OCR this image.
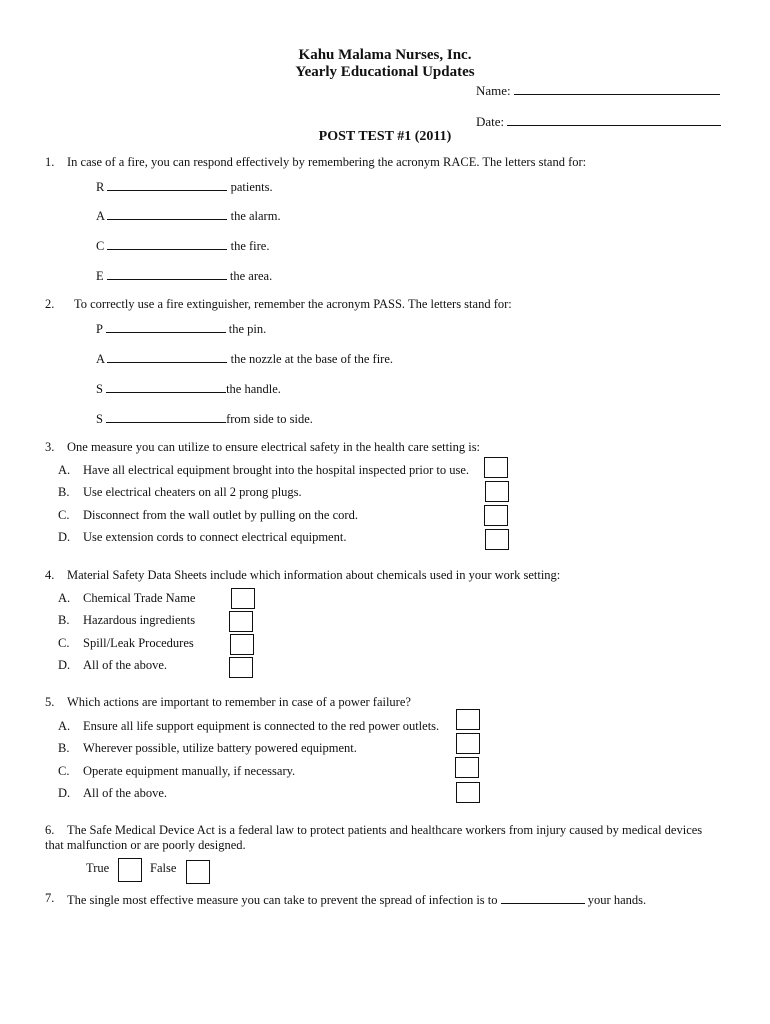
Kahu Malama Nurses, Inc.
Yearly Educational Updates
Name:
Date:
POST TEST #1 (2011)
1. In case of a fire, you can respond effectively by remembering the acronym RACE. The letters stand for:
R	patients.
A	the alarm.
C	the fire.
E	the area.
2. To correctly use a fire extinguisher, remember the acronym PASS. The letters stand for:
P	the pin.
A	the nozzle at the base of the fire.
S	the handle.
S	from side to side.
3. One measure you can utilize to ensure electrical safety in the health care setting is:
A. Have all electrical equipment brought into the hospital inspected prior to use.
B. Use electrical cheaters on all 2 prong plugs.
C. Disconnect from the wall outlet by pulling on the cord.
D. Use extension cords to connect electrical equipment.
4. Material Safety Data Sheets include which information about chemicals used in your work setting:
A. Chemical Trade Name
B. Hazardous ingredients
C. Spill/Leak Procedures
D. All of the above.
5. Which actions are important to remember in case of a power failure?
A. Ensure all life support equipment is connected to the red power outlets.
B. Wherever possible, utilize battery powered equipment.
C. Operate equipment manually, if necessary.
D. All of the above.
6. The Safe Medical Device Act is a federal law to protect patients and healthcare workers from injury caused by medical devices
that malfunction or are poorly designed.
True	False
7. The single most effective measure you can take to prevent the spread of infection is to	your hands.
